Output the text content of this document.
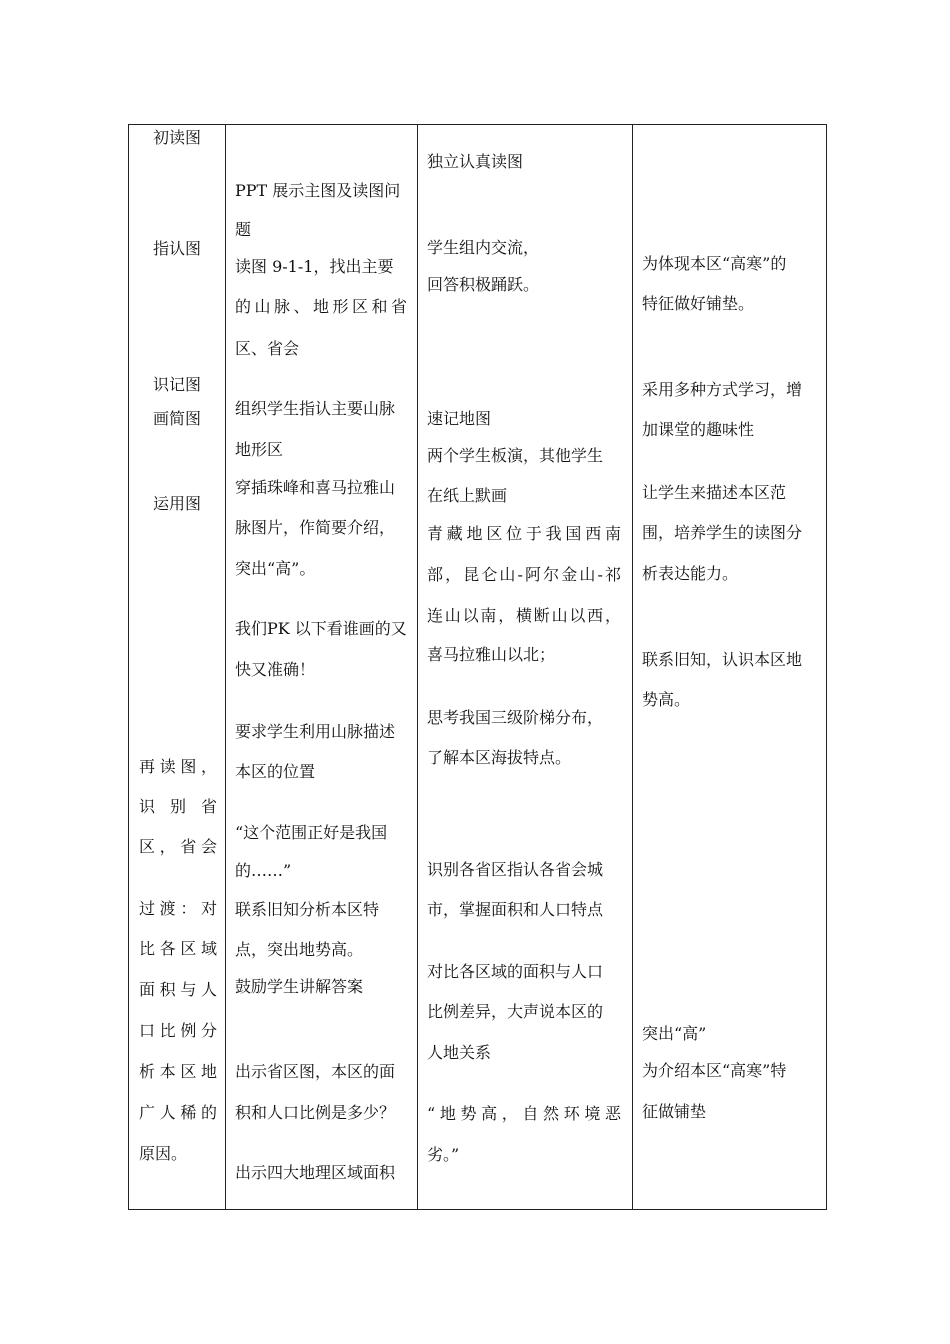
初读图
指认图
识记图
画简图
运用图
再读图，
识别省
区，省会
过渡：对
比各区域
面积与人
口比例分
析本区地
广人稀的
原因。
PPT 展示主图及读图问
题
读图 9-1-1，找出主要
的山脉、地形区和省
区、省会
组织学生指认主要山脉
地形区
穿插珠峰和喜马拉雅山
脉图片，作简要介绍，
突出“高”。
我们PK 以下看谁画的又
快又准确！
要求学生利用山脉描述
本区的位置
“这个范围正好是我国
的……”
联系旧知分析本区特
点，突出地势高。
鼓励学生讲解答案
出示省区图，本区的面
积和人口比例是多少？
出示四大地理区域面积
独立认真读图
学生组内交流，
回答积极踊跃。
速记地图
两个学生板演，其他学生
在纸上默画
青藏地区位于我国西南
部，昆仑山-阿尔金山-祁
连山以南，横断山以西，
喜马拉雅山以北；
思考我国三级阶梯分布，
了解本区海拔特点。
识别各省区指认各省会城
市，掌握面积和人口特点
对比各区域的面积与人口
比例差异，大声说本区的
人地关系
“地势高，自然环境恶
劣。”
为体现本区“高寒”的
特征做好铺垫。
采用多种方式学习，增
加课堂的趣味性
让学生来描述本区范
围，培养学生的读图分
析表达能力。
联系旧知，认识本区地
势高。
突出“高”
为介绍本区“高寒”特
征做铺垫
